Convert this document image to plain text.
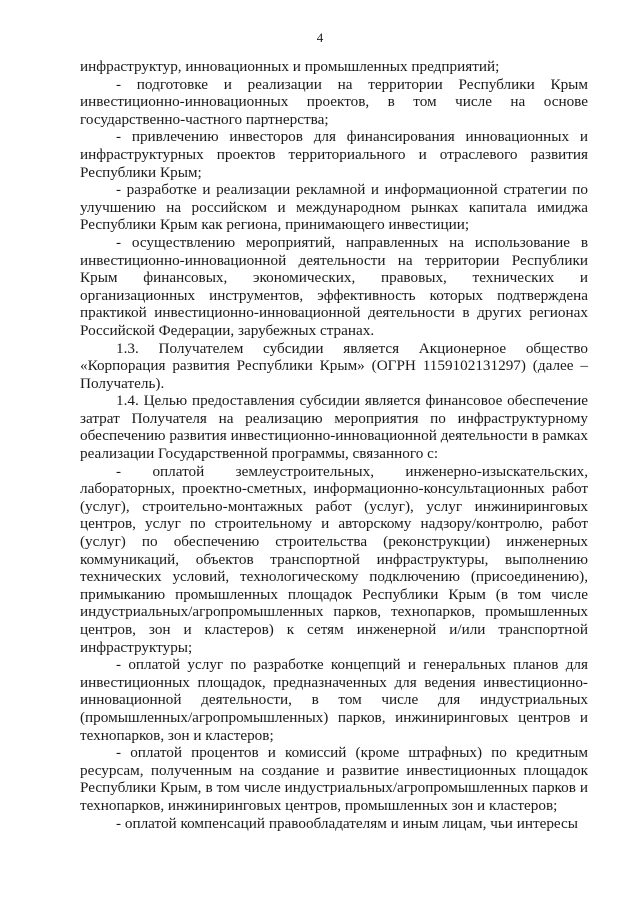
4

инфраструктур, инновационных и промышленных предприятий;

- подготовке и реализации на территории Республики Крым инвестиционно-инновационных проектов, в том числе на основе государственно-частного партнерства;

- привлечению инвесторов для финансирования инновационных и инфраструктурных проектов территориального и отраслевого развития Республики Крым;

- разработке и реализации рекламной и информационной стратегии по улучшению на российском и международном рынках капитала имиджа Республики Крым как региона, принимающего инвестиции;

- осуществлению мероприятий, направленных на использование в инвестиционно-инновационной деятельности на территории Республики Крым финансовых, экономических, правовых, технических и организационных инструментов, эффективность которых подтверждена практикой инвестиционно-инновационной деятельности в других регионах Российской Федерации, зарубежных странах.

1.3. Получателем субсидии является Акционерное общество «Корпорация развития Республики Крым» (ОГРН 1159102131297) (далее – Получатель).

1.4. Целью предоставления субсидии является финансовое обеспечение затрат Получателя на реализацию мероприятия по инфраструктурному обеспечению развития инвестиционно-инновационной деятельности в рамках реализации Государственной программы, связанного с:

- оплатой землеустроительных, инженерно-изыскательских, лабораторных, проектно-сметных, информационно-консультационных работ (услуг), строительно-монтажных работ (услуг), услуг инжиниринговых центров, услуг по строительному и авторскому надзору/контролю, работ (услуг) по обеспечению строительства (реконструкции) инженерных коммуникаций, объектов транспортной инфраструктуры, выполнению технических условий, технологическому подключению (присоединению), примыканию промышленных площадок Республики Крым (в том числе индустриальных/агропромышленных парков, технопарков, промышленных центров, зон и кластеров) к сетям инженерной и/или транспортной инфраструктуры;

- оплатой услуг по разработке концепций и генеральных планов для инвестиционных площадок, предназначенных для ведения инвестиционно-инновационной деятельности, в том числе для индустриальных (промышленных/агропромышленных) парков, инжиниринговых центров и технопарков, зон и кластеров;

- оплатой процентов и комиссий (кроме штрафных) по кредитным ресурсам, полученным на создание и развитие инвестиционных площадок Республики Крым, в том числе индустриальных/агропромышленных парков и технопарков, инжиниринговых центров, промышленных зон и кластеров;

- оплатой компенсаций правообладателям и иным лицам, чьи интересы
